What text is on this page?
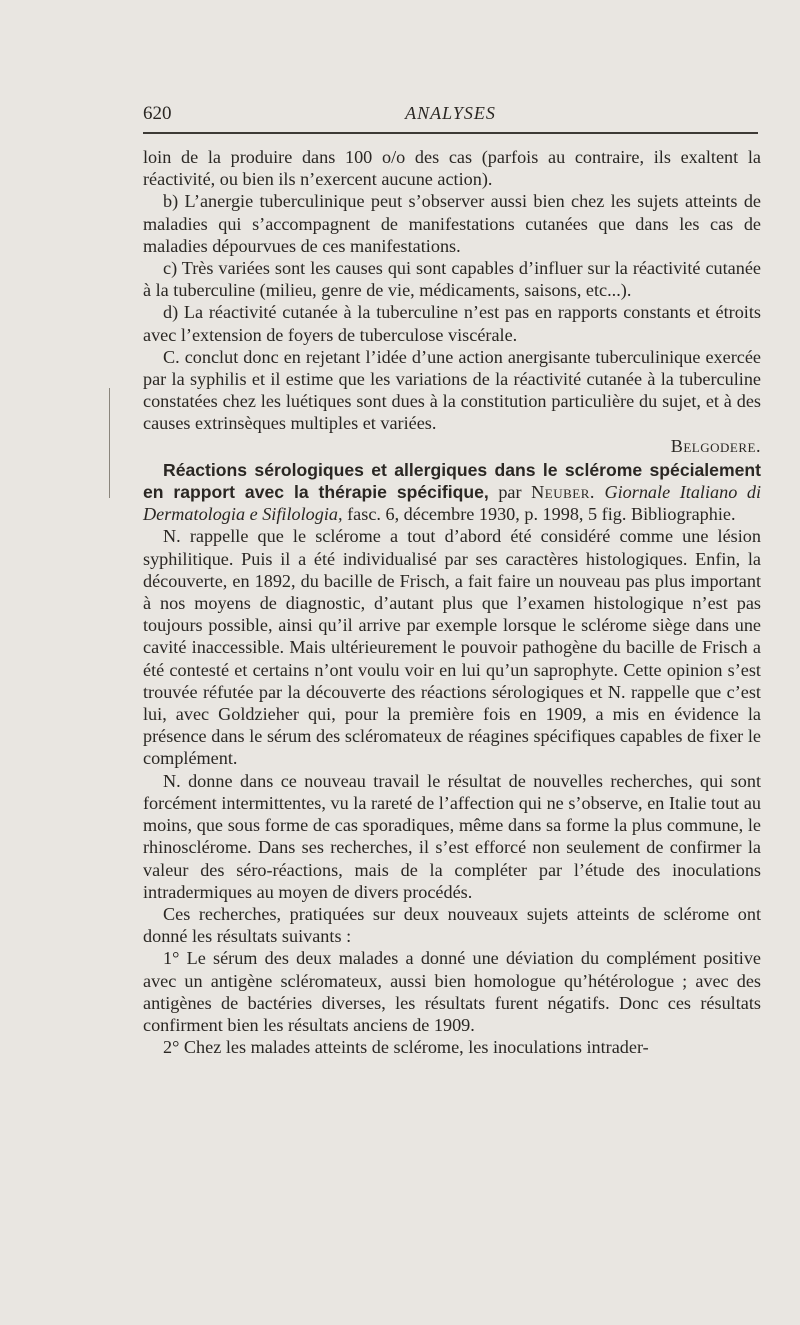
620	ANALYSES

loin de la produire dans 100 o/o des cas (parfois au contraire, ils exaltent la réactivité, ou bien ils n’exercent aucune action).

b) L’anergie tuberculinique peut s’observer aussi bien chez les sujets atteints de maladies qui s’accompagnent de manifestations cutanées que dans les cas de maladies dépourvues de ces manifestations.

c) Très variées sont les causes qui sont capables d’influer sur la réactivité cutanée à la tuberculine (milieu, genre de vie, médicaments, saisons, etc...).

d) La réactivité cutanée à la tuberculine n’est pas en rapports constants et étroits avec l’extension de foyers de tuberculose viscérale.

C. conclut donc en rejetant l’idée d’une action anergisante tuberculinique exercée par la syphilis et il estime que les variations de la réactivité cutanée à la tuberculine constatées chez les luétiques sont dues à la constitution particulière du sujet, et à des causes extrinsèques multiples et variées.

Belgodere.

Réactions sérologiques et allergiques dans le sclérome spécialement en rapport avec la thérapie spécifique, par Neuber. Giornale Italiano di Dermatologia e Sifilologia, fasc. 6, décembre 1930, p. 1998, 5 fig. Bibliographie.

N. rappelle que le sclérome a tout d’abord été considéré comme une lésion syphilitique. Puis il a été individualisé par ses caractères histologiques. Enfin, la découverte, en 1892, du bacille de Frisch, a fait faire un nouveau pas plus important à nos moyens de diagnostic, d’autant plus que l’examen histologique n’est pas toujours possible, ainsi qu’il arrive par exemple lorsque le sclérome siège dans une cavité inaccessible. Mais ultérieurement le pouvoir pathogène du bacille de Frisch a été contesté et certains n’ont voulu voir en lui qu’un saprophyte. Cette opinion s’est trouvée réfutée par la découverte des réactions sérologiques et N. rappelle que c’est lui, avec Goldzieher qui, pour la première fois en 1909, a mis en évidence la présence dans le sérum des scléromateux de réagines spécifiques capables de fixer le complément.

N. donne dans ce nouveau travail le résultat de nouvelles recherches, qui sont forcément intermittentes, vu la rareté de l’affection qui ne s’observe, en Italie tout au moins, que sous forme de cas sporadiques, même dans sa forme la plus commune, le rhinosclérome. Dans ses recherches, il s’est efforcé non seulement de confirmer la valeur des séro-réactions, mais de la compléter par l’étude des inoculations intradermiques au moyen de divers procédés.

Ces recherches, pratiquées sur deux nouveaux sujets atteints de sclérome ont donné les résultats suivants :

1° Le sérum des deux malades a donné une déviation du complément positive avec un antigène scléromateux, aussi bien homologue qu’hétérologue ; avec des antigènes de bactéries diverses, les résultats furent négatifs. Donc ces résultats confirment bien les résultats anciens de 1909.

2° Chez les malades atteints de sclérome, les inoculations intrader-
